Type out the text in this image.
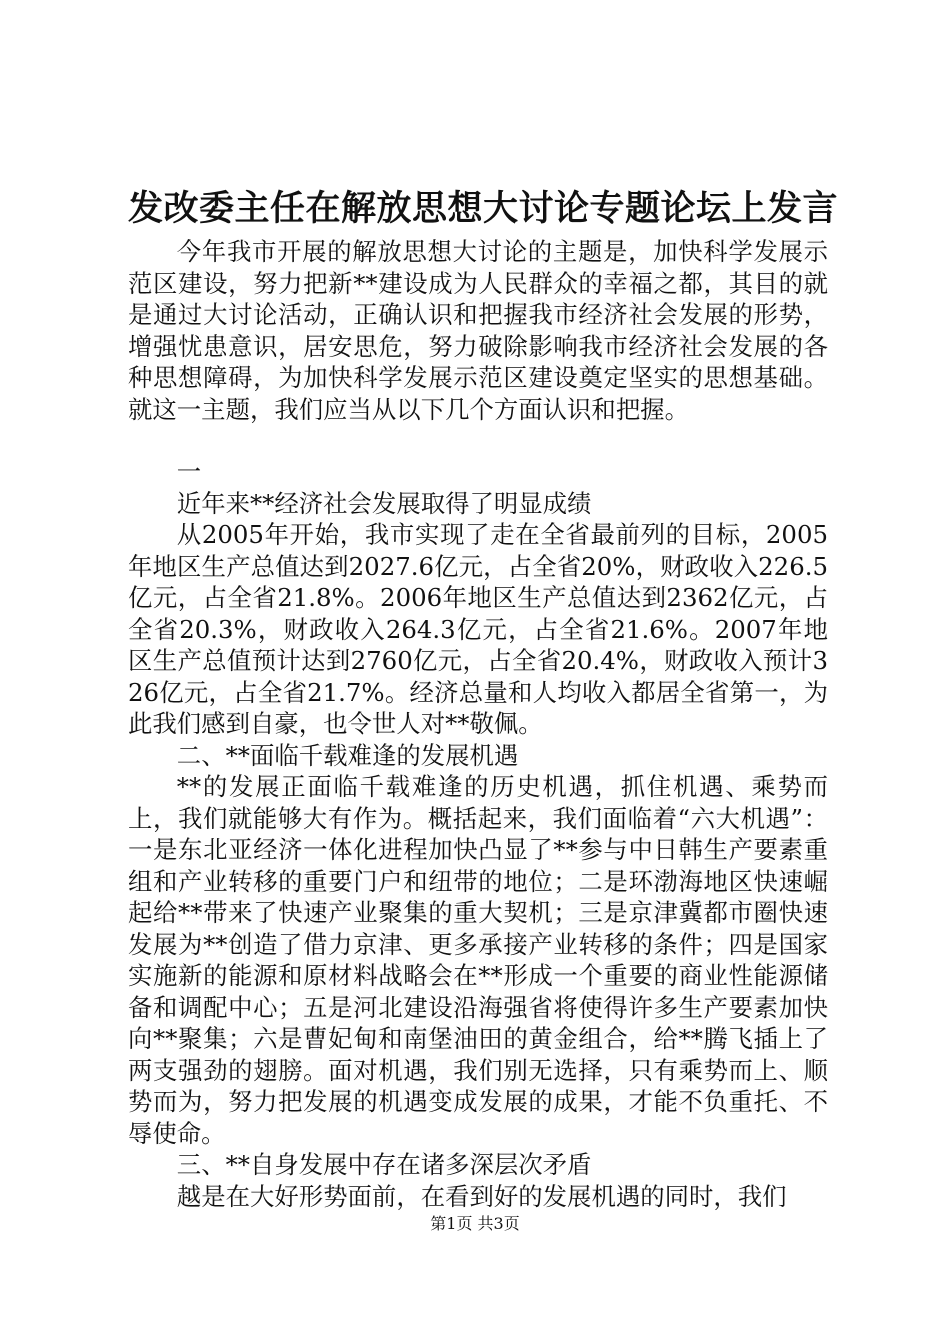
发改委主任在解放思想大讨论专题论坛上发言

今年我市开展的解放思想大讨论的主题是，加快科学发展示范区建设，努力把新**建设成为人民群众的幸福之都，其目的就是通过大讨论活动，正确认识和把握我市经济社会发展的形势，增强忧患意识，居安思危，努力破除影响我市经济社会发展的各种思想障碍，为加快科学发展示范区建设奠定坚实的思想基础。就这一主题，我们应当从以下几个方面认识和把握。

一

近年来**经济社会发展取得了明显成绩

从2005年开始，我市实现了走在全省最前列的目标，2005年地区生产总值达到2027.6亿元，占全省20%，财政收入226.5亿元，占全省21.8%。2006年地区生产总值达到2362亿元，占全省20.3%，财政收入264.3亿元，占全省21.6%。2007年地区生产总值预计达到2760亿元，占全省20.4%，财政收入预计326亿元，占全省21.7%。经济总量和人均收入都居全省第一，为此我们感到自豪，也令世人对**敬佩。

二、**面临千载难逢的发展机遇

**的发展正面临千载难逢的历史机遇，抓住机遇、乘势而上，我们就能够大有作为。概括起来，我们面临着“六大机遇”：一是东北亚经济一体化进程加快凸显了**参与中日韩生产要素重组和产业转移的重要门户和纽带的地位；二是环渤海地区快速崛起给**带来了快速产业聚集的重大契机；三是京津冀都市圈快速发展为**创造了借力京津、更多承接产业转移的条件；四是国家实施新的能源和原材料战略会在**形成一个重要的商业性能源储备和调配中心；五是河北建设沿海强省将使得许多生产要素加快向**聚集；六是曹妃甸和南堡油田的黄金组合，给**腾飞插上了两支强劲的翅膀。面对机遇，我们别无选择，只有乘势而上、顺势而为，努力把发展的机遇变成发展的成果，才能不负重托、不辱使命。

三、**自身发展中存在诸多深层次矛盾

越是在大好形势面前，在看到好的发展机遇的同时，我们

第1页 共3页
